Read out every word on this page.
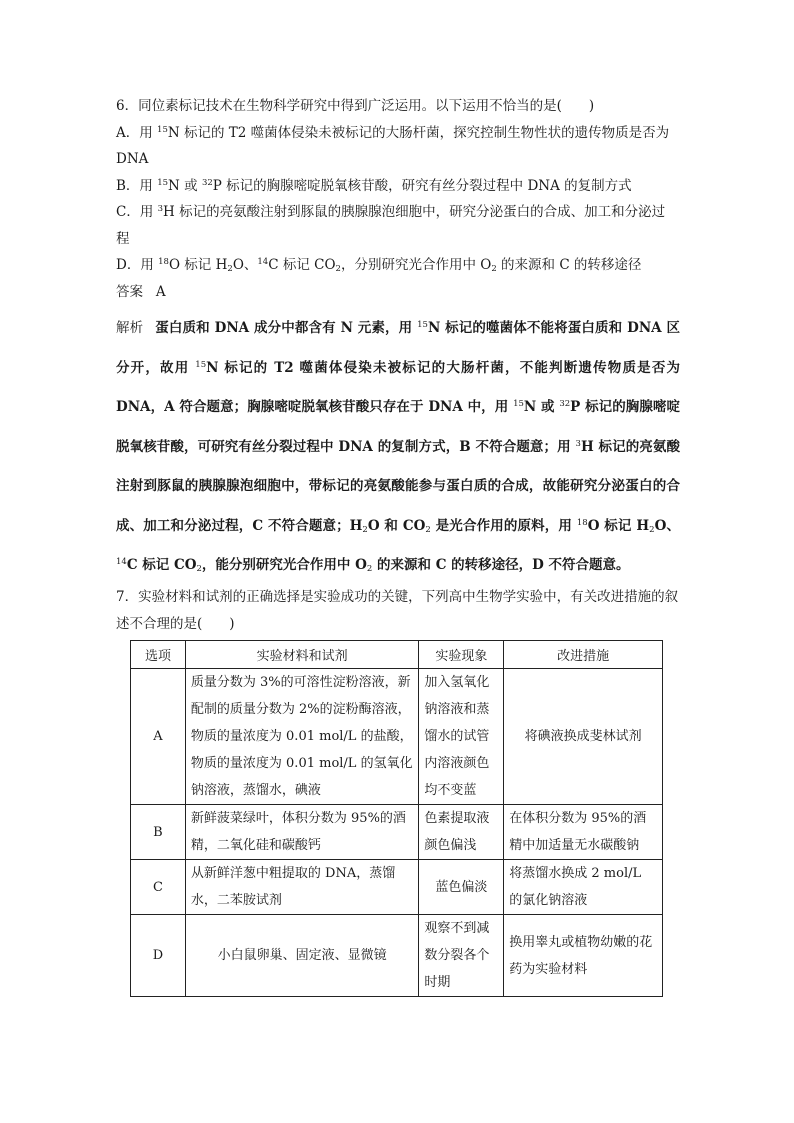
6．同位素标记技术在生物科学研究中得到广泛运用。以下运用不恰当的是(　　)
A．用 $^{15}$N 标记的 T2 噬菌体侵染未被标记的大肠杆菌，探究控制生物性状的遗传物质是否为
DNA
B．用 $^{15}$N 或 $^{32}$P 标记的胸腺嘧啶脱氧核苷酸，研究有丝分裂过程中 DNA 的复制方式
C．用 $^3$H 标记的亮氨酸注射到豚鼠的胰腺腺泡细胞中，研究分泌蛋白的合成、加工和分泌过
程
D．用 $^{18}$O 标记 $H_2O$、$^{14}$C 标记 $CO_2$，分别研究光合作用中 $O_2$ 的来源和 C 的转移途径
答案 A
解析 蛋白质和 DNA 成分中都含有 N 元素，用 $^{15}$N 标记的噬菌体不能将蛋白质和 DNA 区分开，故用 $^{15}$N 标记的 T2 噬菌体侵染未被标记的大肠杆菌，不能判断遗传物质是否为 DNA，A 符合题意；胸腺嘧啶脱氧核苷酸只存在于 DNA 中，用 $^{15}$N 或 $^{32}$P 标记的胸腺嘧啶脱氧核苷酸，可研究有丝分裂过程中 DNA 的复制方式，B 不符合题意；用 $^3$H 标记的亮氨酸注射到豚鼠的胰腺腺泡细胞中，带标记的亮氨酸能参与蛋白质的合成，故能研究分泌蛋白的合成、加工和分泌过程，C 不符合题意；$H_2O$ 和 $CO_2$ 是光合作用的原料，用 $^{18}$O 标记 $H_2O$、$^{14}$C 标记 $CO_2$，能分别研究光合作用中 $O_2$ 的来源和 C 的转移途径，D 不符合题意。
7．实验材料和试剂的正确选择是实验成功的关键，下列高中生物学实验中，有关改进措施的叙述不合理的是(　　)
选项	实验材料和试剂	实验现象	改进措施
A	质量分数为 3%的可溶性淀粉溶液，新配制的质量分数为 2%的淀粉酶溶液，物质的量浓度为 0.01 mol/L 的盐酸，物质的量浓度为 0.01 mol/L 的氢氧化钠溶液，蒸馏水，碘液	加入氢氧化钠溶液和蒸馏水的试管内溶液颜色均不变蓝	将碘液换成斐林试剂
B	新鲜菠菜绿叶，体积分数为 95%的酒精，二氧化硅和碳酸钙	色素提取液颜色偏浅	在体积分数为 95%的酒精中加适量无水碳酸钠
C	从新鲜洋葱中粗提取的 DNA，蒸馏水，二苯胺试剂	蓝色偏淡	将蒸馏水换成 2 mol/L 的氯化钠溶液
D	小白鼠卵巢、固定液、显微镜	观察不到减数分裂各个时期	换用睾丸或植物幼嫩的花药为实验材料
